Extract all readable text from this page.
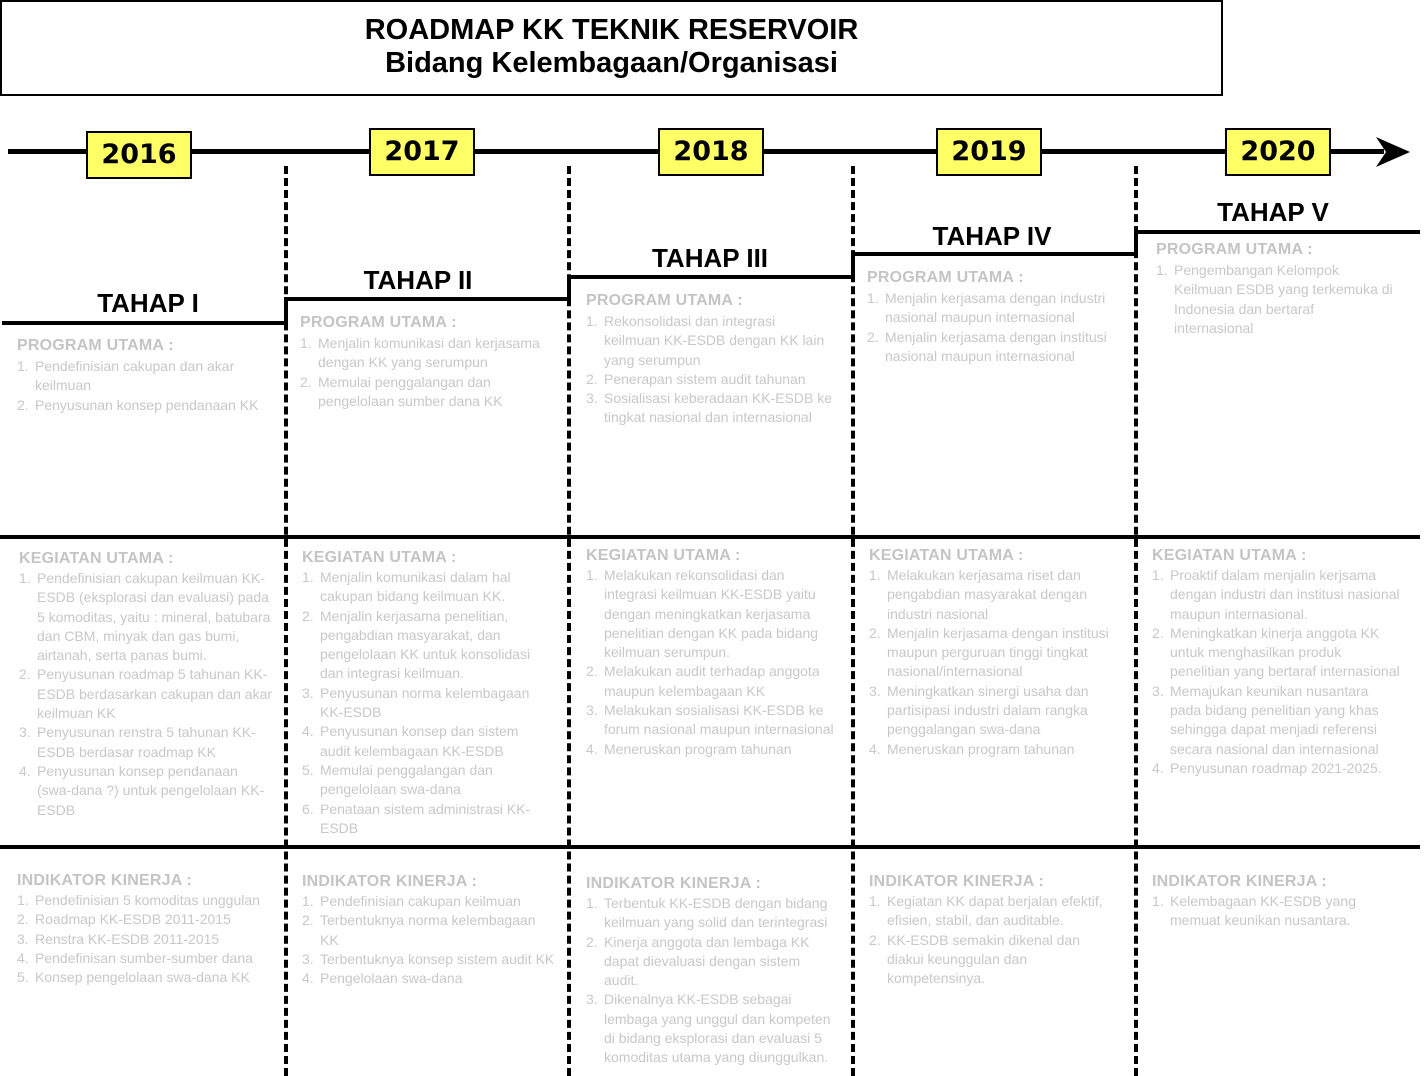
ROADMAP KK TEKNIK RESERVOIR
Bidang Kelembagaan/Organisasi
2016	2017	2018	2019	2020
TAHAP I
TAHAP II
TAHAP III
TAHAP IV
TAHAP V
PROGRAM UTAMA :
1. Pendefinisian cakupan dan akar keilmuan
2. Penyusunan konsep pendanaan KK
KEGIATAN UTAMA :
1. Pendefinisian cakupan keilmuan KK-ESDB (eksplorasi dan evaluasi) pada 5 komoditas, yaitu : mineral, batubara dan CBM, minyak dan gas bumi, airtanah, serta panas bumi.
2. Penyusunan roadmap 5 tahunan KK-ESDB berdasarkan cakupan dan akar keilmuan KK
3. Penyusunan renstra 5 tahunan KK-ESDB berdasar roadmap KK
4. Penyusunan konsep pendanaan (swa-dana ?) untuk pengelolaan KK-ESDB
INDIKATOR KINERJA :
1. Pendefinisian 5 komoditas unggulan
2. Roadmap KK-ESDB 2011-2015
3. Renstra KK-ESDB 2011-2015
4. Pendefinisan sumber-sumber dana
5. Konsep pengelolaan swa-dana KK
PROGRAM UTAMA :
1. Menjalin komunikasi dan kerjasama dengan KK yang serumpun
2. Memulai penggalangan dan pengelolaan sumber dana KK
KEGIATAN UTAMA :
1. Menjalin komunikasi dalam hal cakupan bidang keilmuan KK.
2. Menjalin kerjasama penelitian, pengabdian masyarakat, dan pengelolaan KK untuk konsolidasi dan integrasi keilmuan.
3. Penyusunan norma kelembagaan KK-ESDB
4. Penyusunan konsep dan sistem audit kelembagaan KK-ESDB
5. Memulai penggalangan dan pengelolaan swa-dana
6. Penataan sistem administrasi KK-ESDB
INDIKATOR KINERJA :
1. Pendefinisian cakupan keilmuan
2. Terbentuknya norma kelembagaan KK
3. Terbentuknya konsep sistem audit KK
4. Pengelolaan swa-dana
PROGRAM UTAMA :
1. Rekonsolidasi dan integrasi keilmuan KK-ESDB dengan KK lain yang serumpun
2. Penerapan sistem audit tahunan
3. Sosialisasi keberadaan KK-ESDB ke tingkat nasional dan internasional
KEGIATAN UTAMA :
1. Melakukan rekonsolidasi dan integrasi keilmuan KK-ESDB yaitu dengan meningkatkan kerjasama penelitian dengan KK pada bidang keilmuan serumpun.
2. Melakukan audit terhadap anggota maupun kelembagaan KK
3. Melakukan sosialisasi KK-ESDB ke forum nasional maupun internasional
4. Meneruskan program tahunan
INDIKATOR KINERJA :
1. Terbentuk KK-ESDB dengan bidang keilmuan yang solid dan terintegrasi
2. Kinerja anggota dan lembaga KK dapat dievaluasi dengan sistem audit.
3. Dikenalnya KK-ESDB sebagai lembaga yang unggul dan kompeten di bidang eksplorasi dan evaluasi 5 komoditas utama yang diunggulkan.
PROGRAM UTAMA :
1. Menjalin kerjasama dengan industri nasional maupun internasional
2. Menjalin kerjasama dengan institusi nasional maupun internasional
KEGIATAN UTAMA :
1. Melakukan kerjasama riset dan pengabdian masyarakat dengan industri nasional
2. Menjalin kerjasama dengan institusi maupun perguruan tinggi tingkat nasional/internasional
3. Meningkatkan sinergi usaha dan partisipasi industri dalam rangka penggalangan swa-dana
4. Meneruskan program tahunan
INDIKATOR KINERJA :
1. Kegiatan KK dapat berjalan efektif, efisien, stabil, dan auditable.
2. KK-ESDB semakin dikenal dan diakui keunggulan dan kompetensinya.
PROGRAM UTAMA :
1. Pengembangan Kelompok Keilmuan ESDB yang terkemuka di Indonesia dan bertaraf internasional
KEGIATAN UTAMA :
1. Proaktif dalam menjalin kerjsama dengan industri dan institusi nasional maupun internasional.
2. Meningkatkan kinerja anggota KK untuk menghasilkan produk penelitian yang bertaraf internasional
3. Memajukan keunikan nusantara pada bidang penelitian yang khas sehingga dapat menjadi referensi secara nasional dan internasional
4. Penyusunan roadmap 2021-2025.
INDIKATOR KINERJA :
1. Kelembagaan KK-ESDB yang memuat keunikan nusantara.
